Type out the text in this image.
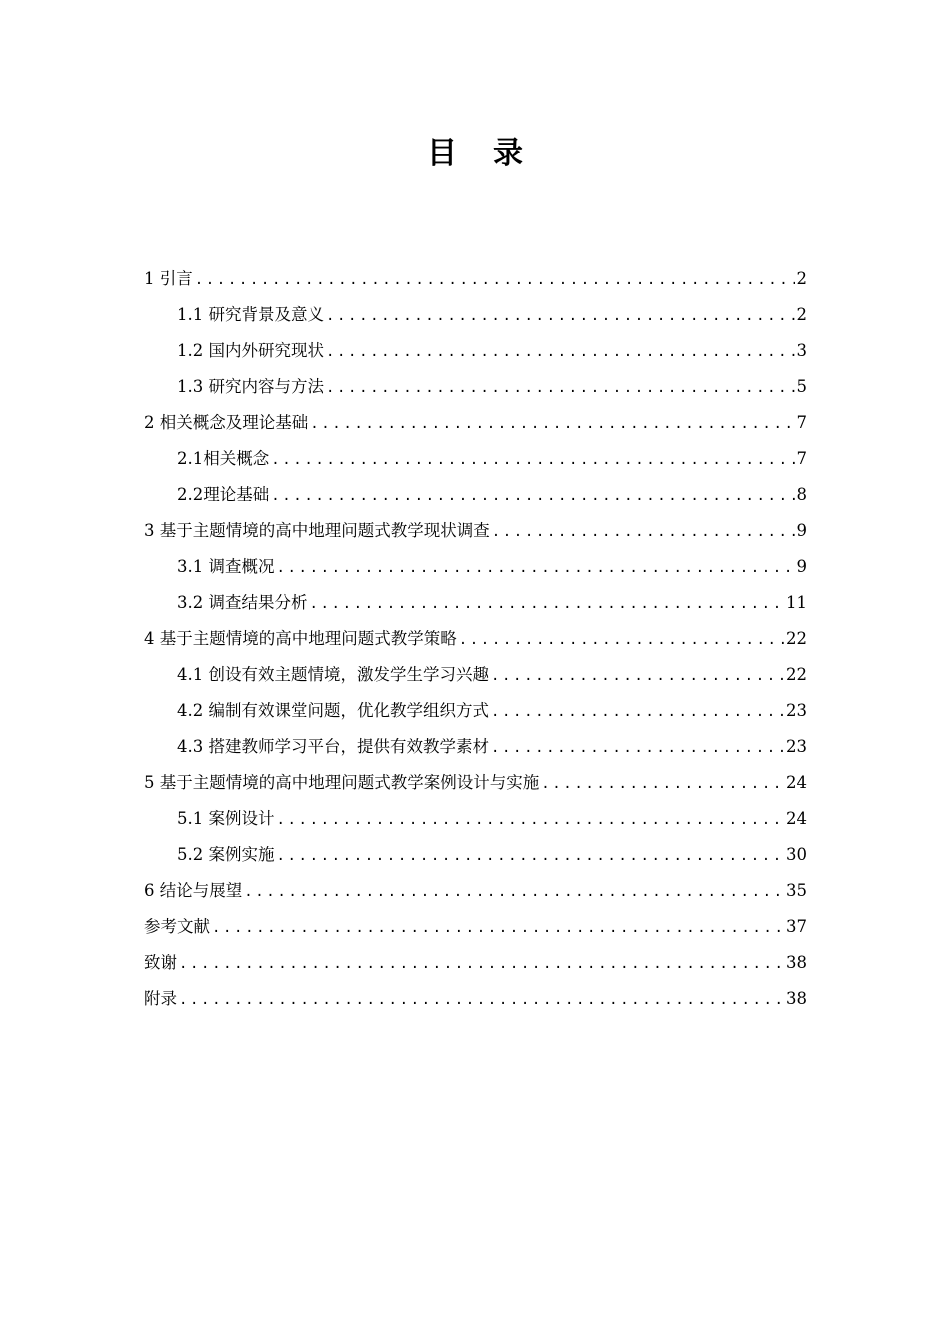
目 录
1 引言 .....	2
1.1 研究背景及意义 .....	2
1.2 国内外研究现状 .....	3
1.3 研究内容与方法 .....	5
2 相关概念及理论基础 .....	7
2.1相关概念 .....	7
2.2理论基础 .....	8
3 基于主题情境的高中地理问题式教学现状调查 .....	9
3.1 调查概况 .....	9
3.2 调查结果分析 .....	11
4 基于主题情境的高中地理问题式教学策略 .....	22
4.1 创设有效主题情境，激发学生学习兴趣 .....	22
4.2 编制有效课堂问题，优化教学组织方式 .....	23
4.3 搭建教师学习平台，提供有效教学素材 .....	23
5 基于主题情境的高中地理问题式教学案例设计与实施 .....	24
5.1 案例设计 .....	24
5.2 案例实施 .....	30
6 结论与展望 .....	35
参考文献 .....	37
致谢 .....	38
附录 .....	38
